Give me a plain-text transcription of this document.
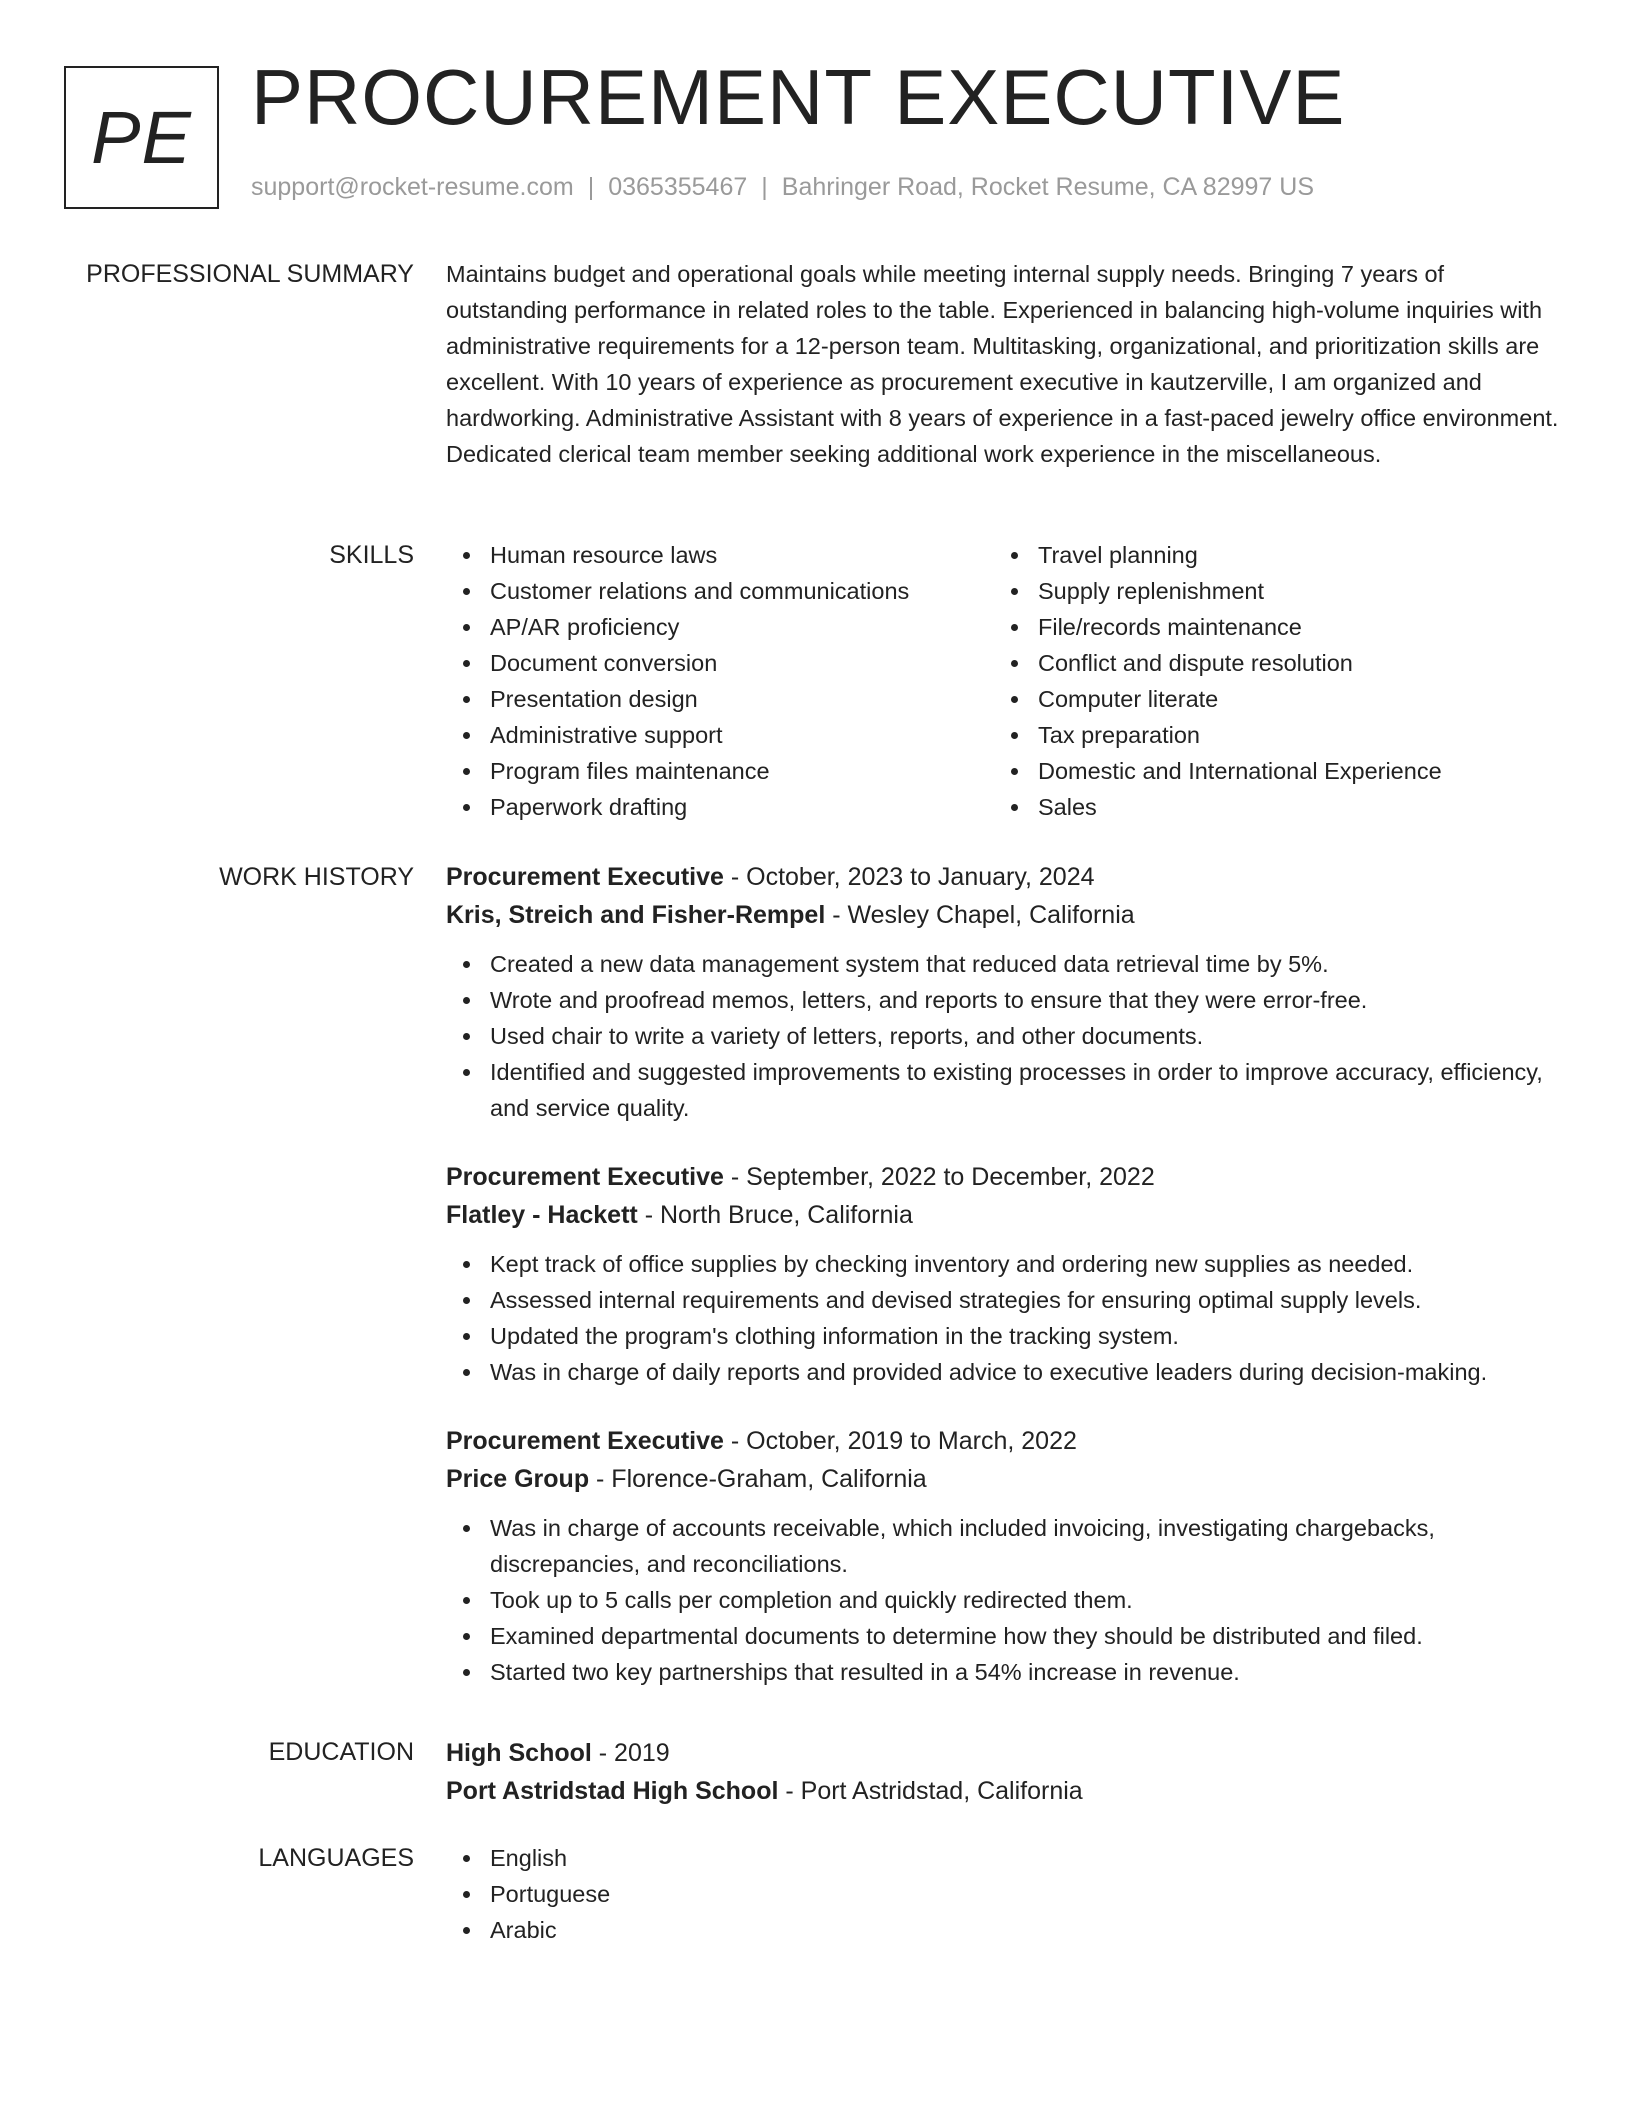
PE PROCUREMENT EXECUTIVE
support@rocket-resume.com | 0365355467 | Bahringer Road, Rocket Resume, CA 82997 US
PROFESSIONAL SUMMARY Maintains budget and operational goals while meeting internal supply needs. Bringing 7 years of outstanding performance in related roles to the table. Experienced in balancing high-volume inquiries with administrative requirements for a 12-person team. Multitasking, organizational, and prioritization skills are excellent. With 10 years of experience as procurement executive in kautzerville, I am organized and hardworking. Administrative Assistant with 8 years of experience in a fast-paced jewelry office environment. Dedicated clerical team member seeking additional work experience in the miscellaneous.
SKILLS	Human resource laws
Customer relations and communications
AP/AR proficiency
Document conversion
Presentation design
Administrative support
Program files maintenance
Paperwork drafting
Travel planning
Supply replenishment
File/records maintenance
Conflict and dispute resolution
Computer literate
Tax preparation
Domestic and International Experience
Sales
WORK HISTORY Procurement Executive - October, 2023 to January, 2024
Kris, Streich and Fisher-Rempel - Wesley Chapel, California
Created a new data management system that reduced data retrieval time by 5%.
Wrote and proofread memos, letters, and reports to ensure that they were error-free.
Used chair to write a variety of letters, reports, and other documents.
Identified and suggested improvements to existing processes in order to improve accuracy, efficiency, and service quality.
Procurement Executive - September, 2022 to December, 2022
Flatley - Hackett - North Bruce, California
Kept track of office supplies by checking inventory and ordering new supplies as needed.
Assessed internal requirements and devised strategies for ensuring optimal supply levels.
Updated the program's clothing information in the tracking system.
Was in charge of daily reports and provided advice to executive leaders during decision-making.
Procurement Executive - October, 2019 to March, 2022
Price Group - Florence-Graham, California
Was in charge of accounts receivable, which included invoicing, investigating chargebacks, discrepancies, and reconciliations.
Took up to 5 calls per completion and quickly redirected them.
Examined departmental documents to determine how they should be distributed and filed.
Started two key partnerships that resulted in a 54% increase in revenue.
EDUCATION High School - 2019
Port Astridstad High School - Port Astridstad, California
LANGUAGES	English
Portuguese
Arabic
